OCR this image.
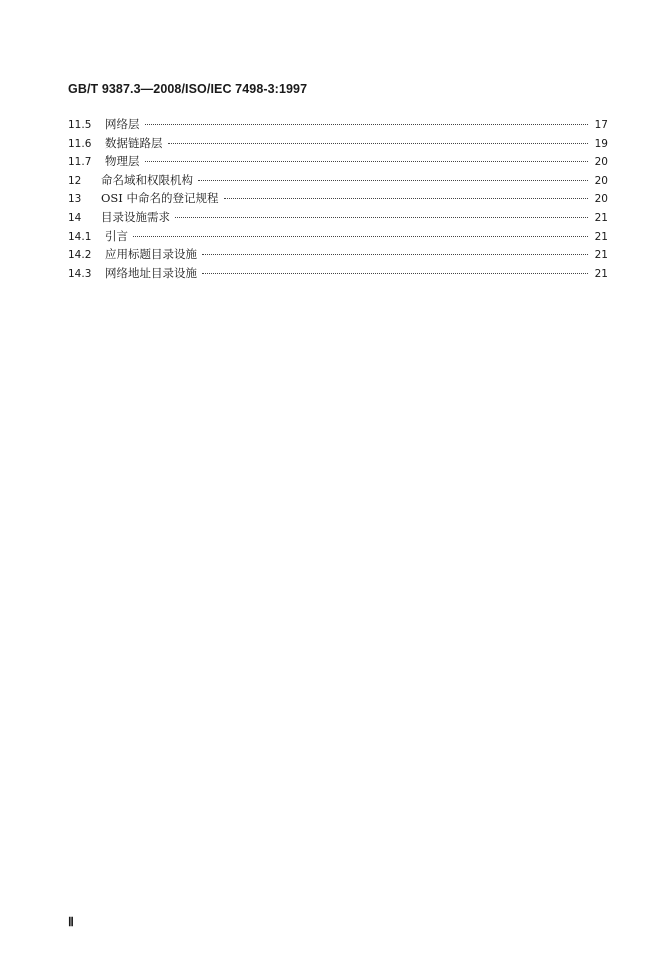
GB/T 9387.3—2008/ISO/IEC 7498-3:1997
11.5	网络层	17
11.6	数据链路层	19
11.7	物理层	20
12	命名域和权限机构	20
13	OSI 中命名的登记规程	20
14	目录设施需求	21
14.1	引言	21
14.2	应用标题目录设施	21
14.3	网络地址目录设施	21
Ⅱ
